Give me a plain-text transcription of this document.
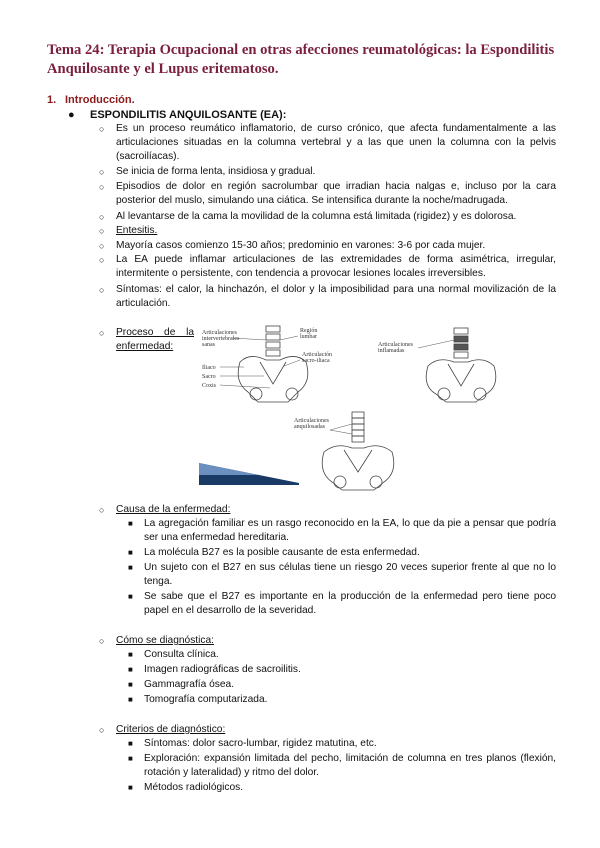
Tema 24: Terapia Ocupacional en otras afecciones reumatológicas: la Espondilitis Anquilosante y el Lupus eritematoso.
1. Introducción.
● ESPONDILITIS ANQUILOSANTE (EA):
○ Es un proceso reumático inflamatorio, de curso crónico, que afecta fundamentalmente a las articulaciones situadas en la columna vertebral y a las que unen la columna con la pelvis (sacroilíacas).
○ Se inicia de forma lenta, insidiosa y gradual.
○ Episodios de dolor en región sacrolumbar que irradian hacia nalgas e, incluso por la cara posterior del muslo, simulando una ciática. Se intensifica durante la noche/madrugada.
○ Al levantarse de la cama la movilidad de la columna está limitada (rigidez) y es dolorosa.
○ Entesitis.
○ Mayoría casos comienzo 15-30 años; predominio en varones: 3-6 por cada mujer.
○ La EA puede inflamar articulaciones de las extremidades de forma asimétrica, irregular, intermitente o persistente, con tendencia a provocar lesiones locales irreversibles.
○ Síntomas: el calor, la hinchazón, el dolor y la imposibilidad para una normal movilización de la articulación.
○ Proceso de la enfermedad:
Articulaciones
intervertebrales
sanas
Región
lumbar
Articulación
sacro-iliaca
Iliaco
Sacro
Coxis
Articulaciones
inflamadas
Articulaciones
anquilosadas
○ Causa de la enfermedad:
■ La agregación familiar es un rasgo reconocido en la EA, lo que da pie a pensar que podría ser una enfermedad hereditaria.
■ La molécula B27 es la posible causante de esta enfermedad.
■ Un sujeto con el B27 en sus células tiene un riesgo 20 veces superior frente al que no lo tenga.
■ Se sabe que el B27 es importante en la producción de la enfermedad pero tiene poco papel en el desarrollo de la severidad.
○ Cómo se diagnóstica:
■ Consulta clínica.
■ Imagen radiográficas de sacroilitis.
■ Gammagrafía ósea.
■ Tomografía computarizada.
○ Criterios de diagnóstico:
■ Síntomas: dolor sacro-lumbar, rigidez matutina, etc.
■ Exploración: expansión limitada del pecho, limitación de columna en tres planos (flexión, rotación y lateralidad) y ritmo del dolor.
■ Métodos radiológicos.
